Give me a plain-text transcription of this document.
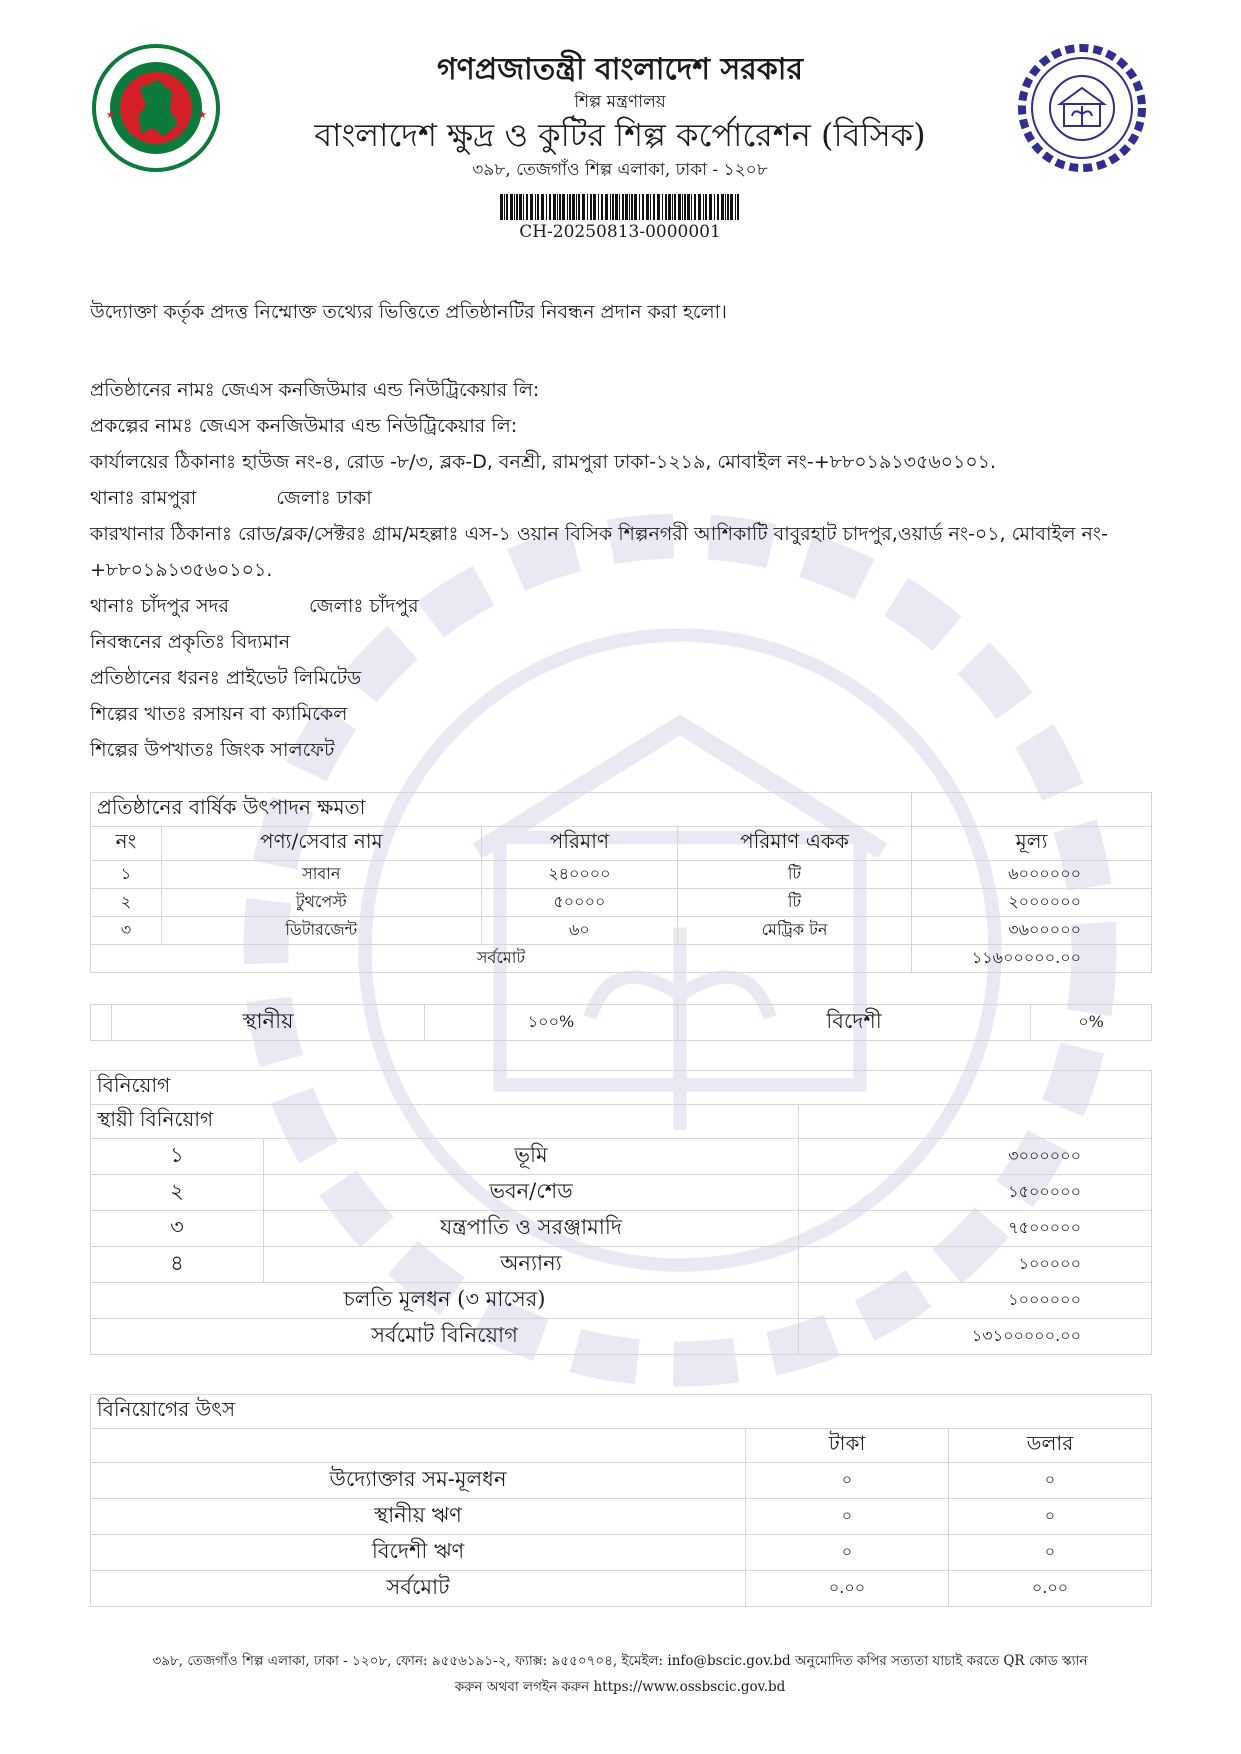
★	★

গণপ্রজাতন্ত্রী বাংলাদেশ সরকার

শিল্প মন্ত্রণালয়

বাংলাদেশ ক্ষুদ্র ও কুটির শিল্প কর্পোরেশন (বিসিক)

৩৯৮, তেজগাঁও শিল্প এলাকা, ঢাকা - ১২০৮

CH-20250813-0000001
উদ্যোক্তা কর্তৃক প্রদত্ত নিম্মোক্ত তথ্যের ভিত্তিতে প্রতিষ্ঠানটির নিবন্ধন প্রদান করা হলো।
প্রতিষ্ঠানের নামঃ জেএস কনজিউমার এন্ড নিউট্রিকেয়ার লি:
প্রকল্পের নামঃ জেএস কনজিউমার এন্ড নিউট্রিকেয়ার লি:
কার্যালয়ের ঠিকানাঃ হাউজ নং-৪, রোড -৮/৩, ব্লক-D, বনশ্রী, রামপুরা ঢাকা-১২১৯, মোবাইল নং-+৮৮০১৯১৩৫৬০১০১.
থানাঃ রামপুরা	জেলাঃ ঢাকা
কারখানার ঠিকানাঃ রোড/ব্লক/সেক্টরঃ গ্রাম/মহল্লাঃ এস-১ ওয়ান বিসিক শিল্পনগরী আশিকাটি বাবুরহাট চাদপুর,ওয়ার্ড নং-০১, মোবাইল নং-+৮৮০১৯১৩৫৬০১০১.
থানাঃ চাঁদপুর সদর	জেলাঃ চাঁদপুর
নিবন্ধনের প্রকৃতিঃ বিদ্যমান
প্রতিষ্ঠানের ধরনঃ প্রাইভেট লিমিটেড
শিল্পের খাতঃ রসায়ন বা ক্যামিকেল
শিল্পের উপখাতঃ জিংক সালফেট
প্রতিষ্ঠানের বার্ষিক উৎপাদন ক্ষমতা				
নং	পণ্য/সেবার নাম	পরিমাণ	পরিমাণ একক	মূল্য
১	সাবান	২৪০০০০	টি	৬০০০০০০
২	টুথপেস্ট	৫০০০০	টি	২০০০০০০
৩	ডিটারজেন্ট	৬০	মেট্রিক টন	৩৬০০০০০
সর্বমোট				১১৬০০০০০.০০
	স্থানীয়	১০০%	বিদেশী	০%
বিনিয়োগ		
স্থায়ী বিনিয়োগ		
১	ভূমি	৩০০০০০০
২	ভবন/শেড	১৫০০০০০
৩	যন্ত্রপাতি ও সরঞ্জামাদি	৭৫০০০০০
৪	অন্যান্য	১০০০০০
চলতি মূলধন (৩ মাসের)		১০০০০০০
সর্বমোট বিনিয়োগ		১৩১০০০০০.০০
বিনিয়োগের উৎস		
	টাকা	ডলার
উদ্যোক্তার সম-মূলধন	০	০
স্থানীয় ঋণ	০	০
বিদেশী ঋণ	০	০
সর্বমোট	০.০০	০.০০
৩৯৮, তেজগাঁও শিল্প এলাকা, ঢাকা - ১২০৮, ফোন: ৯৫৫৬১৯১-২, ফ্যাক্স: ৯৫৫০৭০৪, ইমেইল: info@bscic.gov.bd অনুমোদিত কপির সত্যতা যাচাই করতে QR কোড স্ক্যান
করুন অথবা লগইন করুন https://www.ossbscic.gov.bd
